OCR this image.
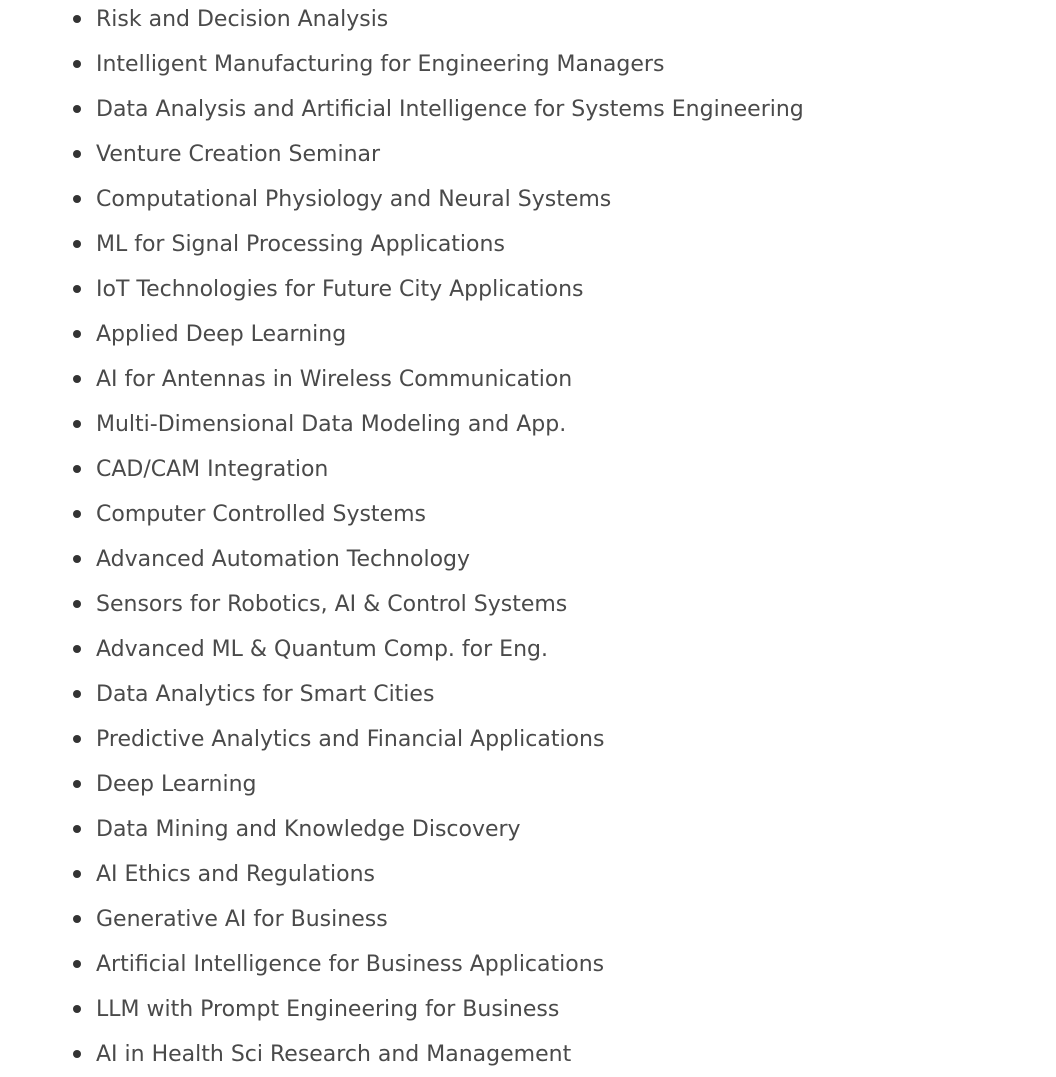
Risk and Decision Analysis
Intelligent Manufacturing for Engineering Managers
Data Analysis and Artificial Intelligence for Systems Engineering
Venture Creation Seminar
Computational Physiology and Neural Systems
ML for Signal Processing Applications
IoT Technologies for Future City Applications
Applied Deep Learning
AI for Antennas in Wireless Communication
Multi-Dimensional Data Modeling and App.
CAD/CAM Integration
Computer Controlled Systems
Advanced Automation Technology
Sensors for Robotics, AI & Control Systems
Advanced ML & Quantum Comp. for Eng.
Data Analytics for Smart Cities
Predictive Analytics and Financial Applications
Deep Learning
Data Mining and Knowledge Discovery
AI Ethics and Regulations
Generative AI for Business
Artificial Intelligence for Business Applications
LLM with Prompt Engineering for Business
AI in Health Sci Research and Management
